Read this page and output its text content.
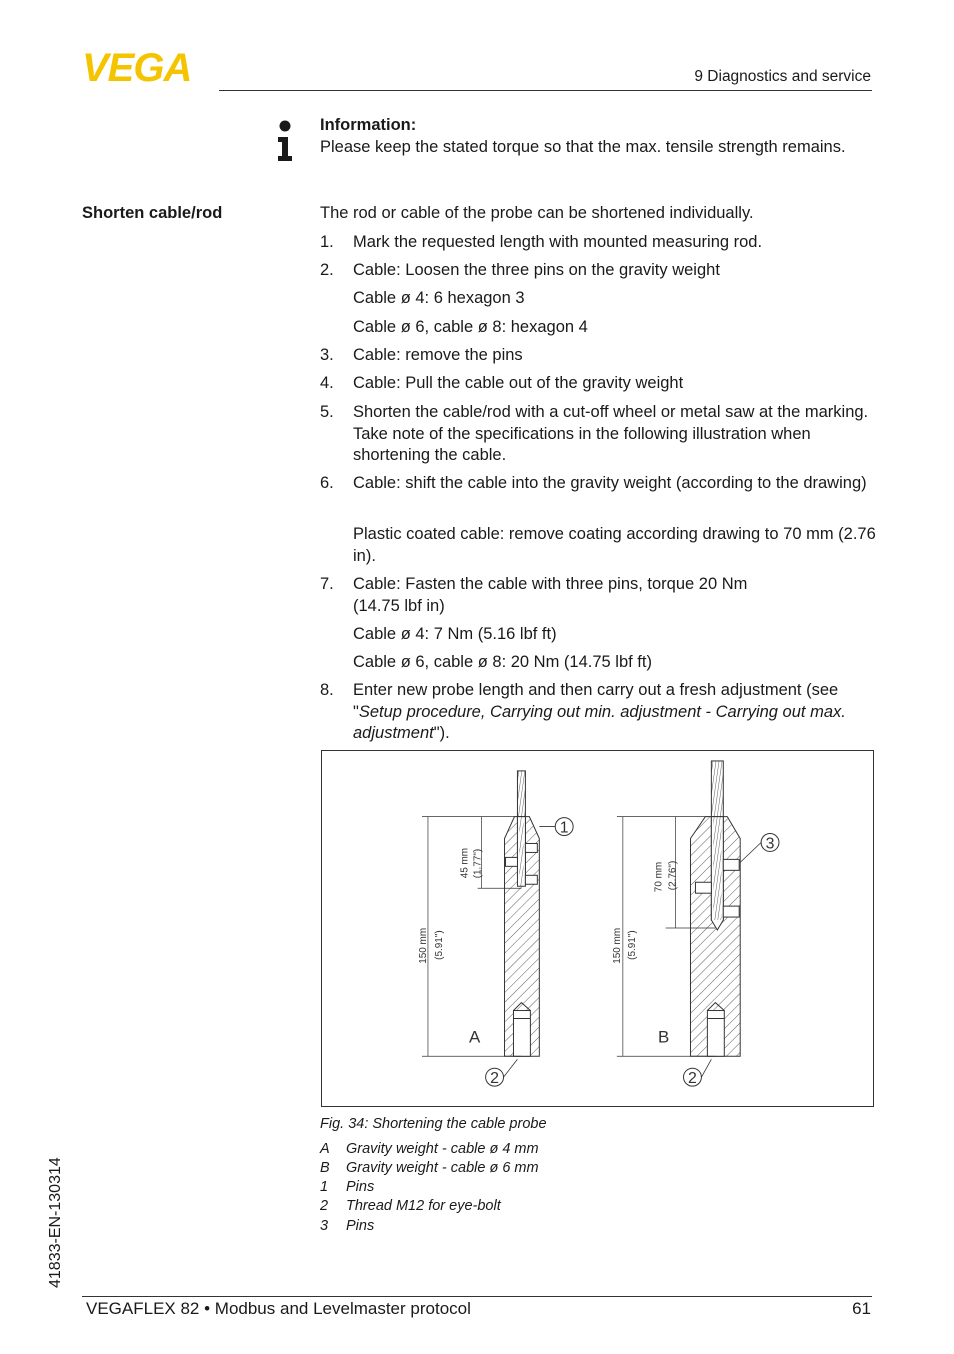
VEGA	9 Diagnostics and service
Information:
Please keep the stated torque so that the max. tensile strength remains.
Shorten cable/rod	The rod or cable of the probe can be shortened individually.
1. Mark the requested length with mounted measuring rod.
2. Cable: Loosen the three pins on the gravity weight
Cable ø 4: 6 hexagon 3
Cable ø 6, cable ø 8: hexagon 4
3. Cable: remove the pins
4. Cable: Pull the cable out of the gravity weight
5. Shorten the cable/rod with a cut-off wheel or metal saw at the marking. Take note of the specifications in the following illustration when shortening the cable.
6. Cable: shift the cable into the gravity weight (according to the drawing)
Plastic coated cable: remove coating according drawing to 70 mm (2.76 in).
7. Cable: Fasten the cable with three pins, torque 20 Nm (14.75 lbf in)
Cable ø 4: 7 Nm (5.16 lbf ft)
Cable ø 6, cable ø 8: 20 Nm (14.75 lbf ft)
8. Enter new probe length and then carry out a fresh adjustment (see "Setup procedure, Carrying out min. adjustment - Carrying out max. adjustment").
45 mm (1.77")
150 mm (5.91")
1
A
2
70 mm (2.76")
150 mm (5.91")
3
B
2
Fig. 34: Shortening the cable probe
A Gravity weight - cable ø 4 mm
B Gravity weight - cable ø 6 mm
1 Pins
2 Thread M12 for eye-bolt
3 Pins
41833-EN-130314
VEGAFLEX 82 • Modbus and Levelmaster protocol	61
